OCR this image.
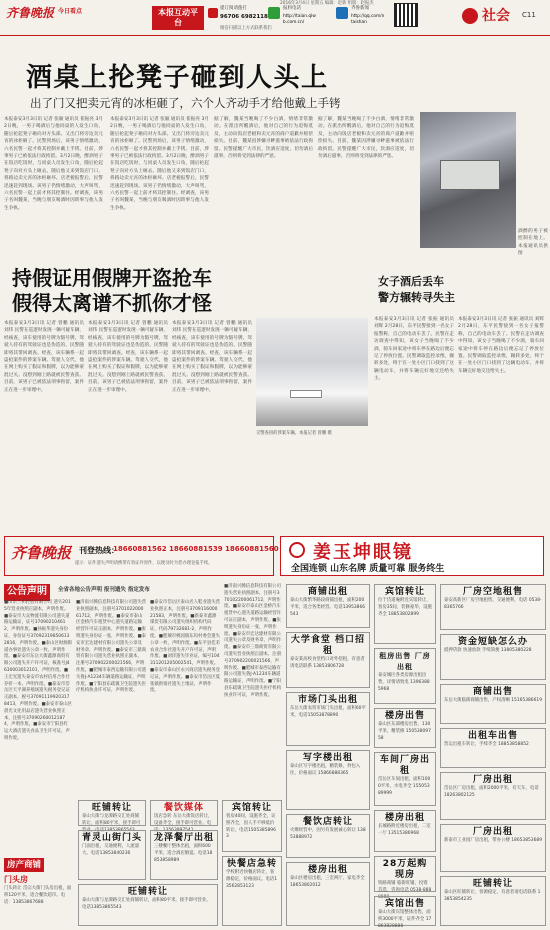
齐鲁晚报 今日看点	本报互动平台
提订阅请拨打
96706 6982118
报料电话
http://taian.qlw b.com.cn/
齐鲁新闻
http://qq.com/n taishan
微信扫描以上方式联系我们
2016年3月4日 星期五 编辑：赵新 组版：赵振杰
社会 C11
酒桌上抡凳子砸到人头上
出了门又把卖元宵的冰柜砸了，六个人齐动手才给他戴上手铐
本报泰安3月3日讯 记者 张颖 通讯员 崔振亮 3月2日晚，一男子喝酒后与他同桌的人发生口角，随后抡起凳子砸向对方头部。又出门将旁边卖元宵的冰柜砸了。民警到场后，该男子情绪激动，六名民警一起才将其控制并戴上手铐。目前，涉事男子已被依法行政拘留。3月2日晚，醉酒男子在饭店吃饭时，与同桌人员发生口角，随后抡起凳子向对方头上砸去。随后他又来到饭店门口，将路边卖元宵的冰柜砸坏。店老板报警后，民警迅速赶到现场。该男子仍情绪激动，大声叫骂，六名民警一起上前才将其控制住。经调查，该男子名叫魏某，当晚与朋友喝酒时因琐事与他人发生争执。
本报泰安3月3日讯 记者 张颖 通讯员 崔振亮 3月2日晚，一男子喝酒后与他同桌的人发生口角，随后抡起凳子砸向对方头部。又出门将旁边卖元宵的冰柜砸了。民警到场后，该男子情绪激动，六名民警一起才将其控制并戴上手铐。目前，涉事男子已被依法行政拘留。3月2日晚，醉酒男子在饭店吃饭时，与同桌人员发生口角，随后抡起凳子向对方头上砸去。随后他又来到饭店门口，将路边卖元宵的冰柜砸坏。店老板报警后，民警迅速赶到现场。该男子仍情绪激动，大声叫骂，六名民警一起上前才将其控制住。经调查，该男子名叫魏某，当晚与朋友喝酒时因琐事与他人发生争执。
据了解，魏某当晚喝了不少白酒，情绪非常激动。在派出所醒酒后，他对自己的行为追悔莫及，主动向饭店老板和卖元宵的商户道歉并赔偿损失。目前，魏某因涉嫌寻衅滋事被依法行政拘留。民警提醒广大市民，饮酒应适度，切勿酒后滋事，否则将受到法律的严惩。
据了解，魏某当晚喝了不少白酒，情绪非常激动。在派出所醒酒后，他对自己的行为追悔莫及，主动向饭店老板和卖元宵的商户道歉并赔偿损失。目前，魏某因涉嫌寻衅滋事被依法行政拘留。民警提醒广大市民，饮酒应适度，切勿酒后滋事，否则将受到法律的严惩。
酒醉的男子被控制在地上。本报通讯员供图
持假证用假牌开盗抢车
假得太离谱不抓你才怪
本报泰安3月3日讯 记者 曾鹏 通讯员 刘伟 民警在巡逻时发现一辆可疑车辆，经核查，该车使用的号牌为假号牌，驾驶人持有的驾驶证也是伪造的。民警随即将其带回调查。经查，该车辆系一起盗抢案件的涉案车辆。驾驶人交代，他在网上购买了假证和假牌，以为能够蒙混过关。没想到刚上路就被民警查获。目前，该男子已被依法刑事拘留，案件正在进一步审理中。
本报泰安3月3日讯 记者 曾鹏 通讯员 刘伟 民警在巡逻时发现一辆可疑车辆，经核查，该车使用的号牌为假号牌，驾驶人持有的驾驶证也是伪造的。民警随即将其带回调查。经查，该车辆系一起盗抢案件的涉案车辆。驾驶人交代，他在网上购买了假证和假牌，以为能够蒙混过关。没想到刚上路就被民警查获。目前，该男子已被依法刑事拘留，案件正在进一步审理中。
本报泰安3月3日讯 记者 曾鹏 通讯员 刘伟 民警在巡逻时发现一辆可疑车辆，经核查，该车使用的号牌为假号牌，驾驶人持有的驾驶证也是伪造的。民警随即将其带回调查。经查，该车辆系一起盗抢案件的涉案车辆。驾驶人交代，他在网上购买了假证和假牌，以为能够蒙混过关。没想到刚上路就被民警查获。目前，该男子已被依法刑事拘留，案件正在进一步审理中。
交警查扣的涉案车辆。本报记者 曾鹏 摄
女子酒后丢车
警方辗转寻失主
本报泰安3月3日讯 记者 张振 通讯员 刘辉 2月28日，东平民警接到一名女子报警称，自己的电动车丢了。民警在走访调查中得知，该女子当晚喝了不少酒，骑车回家途中将车停在路边后便忘记了停放位置。民警调取监控录像，辗转多处，终于在一处小区门口找到了这辆电动车，并将车辆完好地交还给失主。
本报泰安3月3日讯 记者 张振 通讯员 刘辉 2月28日，东平民警接到一名女子报警称，自己的电动车丢了。民警在走访调查中得知，该女子当晚喝了不少酒，骑车回家途中将车停在路边后便忘记了停放位置。民警调取监控录像，辗转多处，终于在一处小区门口找到了这辆电动车，并将车辆完好地交还给失主。
齐鲁晚报 刊登热线：
18660881562 18660881539 18660881560
提示：证件遗失声明请携带有效证件原件，以便及时为您办理登报手续。
姜玉坤眼镜
全国连锁 山东名牌 质量可靠 服务终生
公告声明	全省各地公告声明 报刊遗失 指定发布
■山东三和控股有限公司 遗失2015年营业执照正副本，声明作废。■泰安市大众物流有限公司遗失道路运输证，证号370902104612，声明作废。■孙振华遗失身份证，身份证号370923198506132816，声明作废。■泰山区财源街道办事处遗失公章一枚，声明作废。■泰安市东岳大街鑫源商贸有限公司遗失开户许可证，核准号J4630003012101，声明作废。■王宏光遗失泰安市农村信用合作社存折一本，声明作废。■泰安市岱岳区天平湖养殖场遗失税务登记证正副本，税号370911199203178413，声明作废。■泰安市泰山区晨光文化用品店遗失营业执照正本，注册号370902600121874，声明作废。■泰安市宁阳县红运大酒店遗失食品卫生许可证，声明作废。
■济南兴腾信息科技有限公司遗失营业执照副本，注册号370102200061712，声明作废。■泰安市泰山区金桥汽车租赁中心遗失道路运输经营许可证正副本，声明作废。■张明遗失身份证一张，声明作废。■泰安市宏达建材有限公司遗失公章及财务章，声明作废。■泰安市三鼎商贸有限公司遗失营业执照正副本，注册号370902200021566，声明作废。■肥城市泰西运输有限公司遗失鲁J·A1234车辆道路运输证，声明作废。■宁阳县东疏镇卫生院遗失医疗机构执业许可证，声明作废。
■泰安市岱岳区泰山名人鞋业遗失营业执照正本，注册号370911600021583，声明作废。■新泰市鑫源煤炭有限公司遗失组织机构代码证，代码79732681-2，声明作废。■肥城市桃园镇东坞村委会遗失公章一枚，声明作废。■东平县佳禾农业合作社遗失开户许可证，声明作废。■刘洋遗失毕业证，编号104311201205002541，声明作废。■泰安市泰山区永兴商店遗失税务登记证，声明作废。■泰安市岱岳区夏张镇供销社遗失土地证，声明作废。
■济南兴腾信息科技有限公司遗失营业执照副本，注册号370102200061712，声明作废。■泰安市泰山区金桥汽车租赁中心遗失道路运输经营许可证正副本，声明作废。■张明遗失身份证一张，声明作废。■泰安市宏达建材有限公司遗失公章及财务章，声明作废。■泰安市三鼎商贸有限公司遗失营业执照正副本，注册号370902200021566，声明作废。■肥城市泰西运输有限公司遗失鲁J·A1234车辆道路运输证，声明作废。■宁阳县东疏镇卫生院遗失医疗机构执业许可证，声明作废。
房产商铺
门头房
门头转让 岱宗大街门头房出租，面积120平米，适合餐饮超市。电话：13853867688
旺铺转让

泰山大街与龙潭路交汇处商铺转让，面积80平米，接手即可营业。电话13853865543

餐饮媒体

饭店急转 东岳大街饭店转让，设备齐全，接手即可营业。电话：13563897541

宾馆转让

客房40间，设施齐全，证照齐全，因人手不够低价转让。电话15053858963

青灵山街门头

门面出租，交通便利，人流量大。电话13853840236

龙泽餐厅出租

三楼餐厅整体出租，面积600平米，适合酒店婚宴。电话18853858989	快餐店急转

学校附近快餐店转让，客源稳定，价格面议。电话13562853123

旺铺转让

泰山大街与龙潭路交汇处商铺转让，面积80平米，接手即可营业。电话13853865543

商铺出租

泰山大街繁华路段商铺出租，面积200平米，适合各类经营。电话13953866543

大学食堂 档口招租

泰安某高校食堂档口对外招租，有意者请电话联系 13853806728

市场门头出租

东岳大街农贸市场门头出租，面积60平米，电话15053878890

写字楼出租

泰山区写字楼出租，精装修，拎包入住，价格面议 15866888365

宾馆转让

位于岱道庵附近宾馆转让，客房35间，装修豪华，设施齐全 18853802899

餐饮店转让

火爆经营中，因另有发展诚心转让 13853888972

28万起购现房

铁路商铺 临街旺铺，投资首选，咨询电话 0538-8888888

楼房出租

泰山区楼房出租，三室两厅，家电齐全 18653802012

租房出售 厂房出租

泰安城区各类房源出租出售，详情请致电 13963885968

楼房出售

泰山区东部楼房出售，130平米，精装修 15053809758

车间厂房出租

岱岳区车间出租，面积1000平米，水电齐全 15505389999

楼房出租

长城路附近楼房出租，二室一厅 13515386968

宾馆出售

泰山大街宾馆整体出售，面积3000平米，证件齐全 17863828888

厂房空地租售

泰安高新区厂房空地租售，交通便利，电话 0538-8365766

资金短缺怎么办

抵押贷款 快速放款 手续简便 13805380228

商铺出售

东岳大街临街商铺出售，产权清晰 15165386619

出租车出售

营运出租车转让，手续齐全 18853858852

厂房出租

岱岳区厂房出租，面积2000平米，有天车，电话 18263802125

厂房出租

新泰市工业园厂房出租，带办公楼 18653853689

旺铺转让

泰山区旺铺转让，客源稳定，有意者请电话联系 13853854235
